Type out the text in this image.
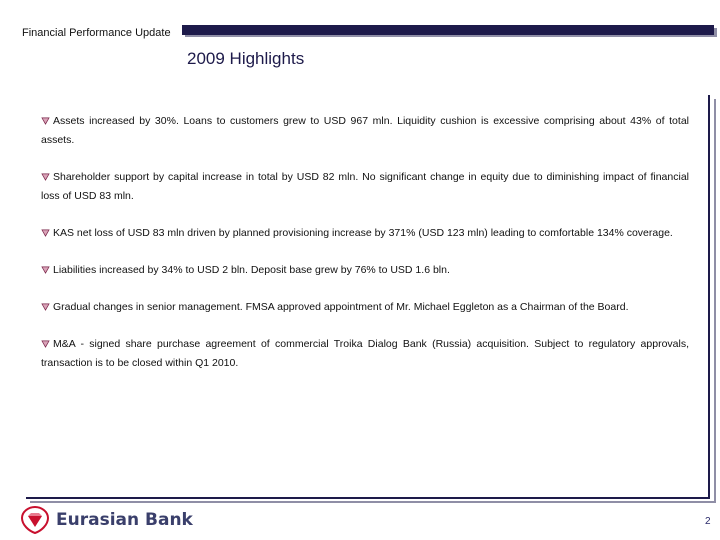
Financial Performance Update
2009 Highlights

Assets increased by 30%. Loans to customers grew to USD 967 mln. Liquidity cushion is excessive comprising about 43% of total assets.

Shareholder support by capital increase in total by USD 82 mln. No significant change in equity due to diminishing impact of financial loss of USD 83 mln.

KAS net loss of USD 83 mln driven by planned provisioning increase by 371% (USD 123 mln) leading to comfortable 134% coverage.

Liabilities increased by 34% to USD 2 bln. Deposit base grew by 76% to USD 1.6 bln.

Gradual changes in senior management. FMSA approved appointment of Mr. Michael Eggleton as a Chairman of the Board.

M&A - signed share purchase agreement of commercial Troika Dialog Bank (Russia) acquisition. Subject to regulatory approvals, transaction is to be closed within Q1 2010.

Eurasian Bank	2
